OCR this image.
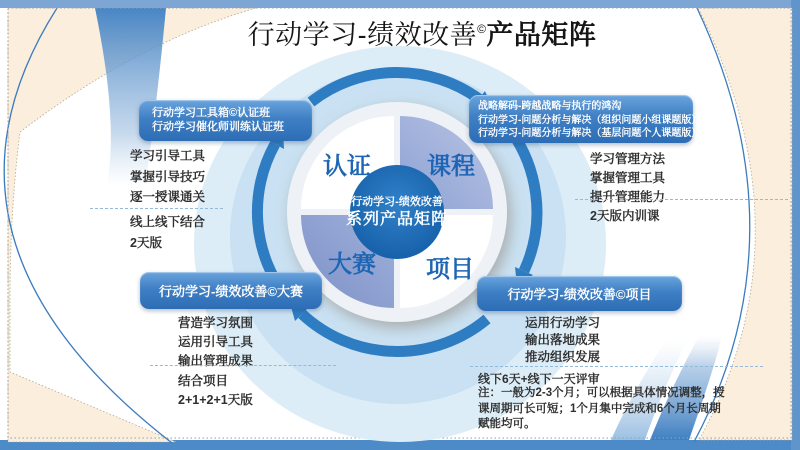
行动学习-绩效改善©产品矩阵
认证	课程
大赛	项目
行动学习-绩效改善
系列产品矩阵
行动学习工具箱©认证班
行动学习催化师训练认证班
战略解码-跨越战略与执行的鸿沟
行动学习-问题分析与解决（组织问题小组课题版）
行动学习-问题分析与解决（基层问题个人课题版）
行动学习-绩效改善©大赛	行动学习-绩效改善©项目
学习引导工具
掌握引导技巧
逐一授课通关
线上线下结合
2天版
学习管理方法
掌握管理工具
提升管理能力
2天版内训课
营造学习氛围
运用引导工具
输出管理成果
结合项目
2+1+2+1天版
运用行动学习
输出落地成果
推动组织发展
线下6天+线下一天评审
注：一般为2-3个月；可以根据具体情况调整，授课周期可长可短；1个月集中完成和6个月长周期赋能均可。
